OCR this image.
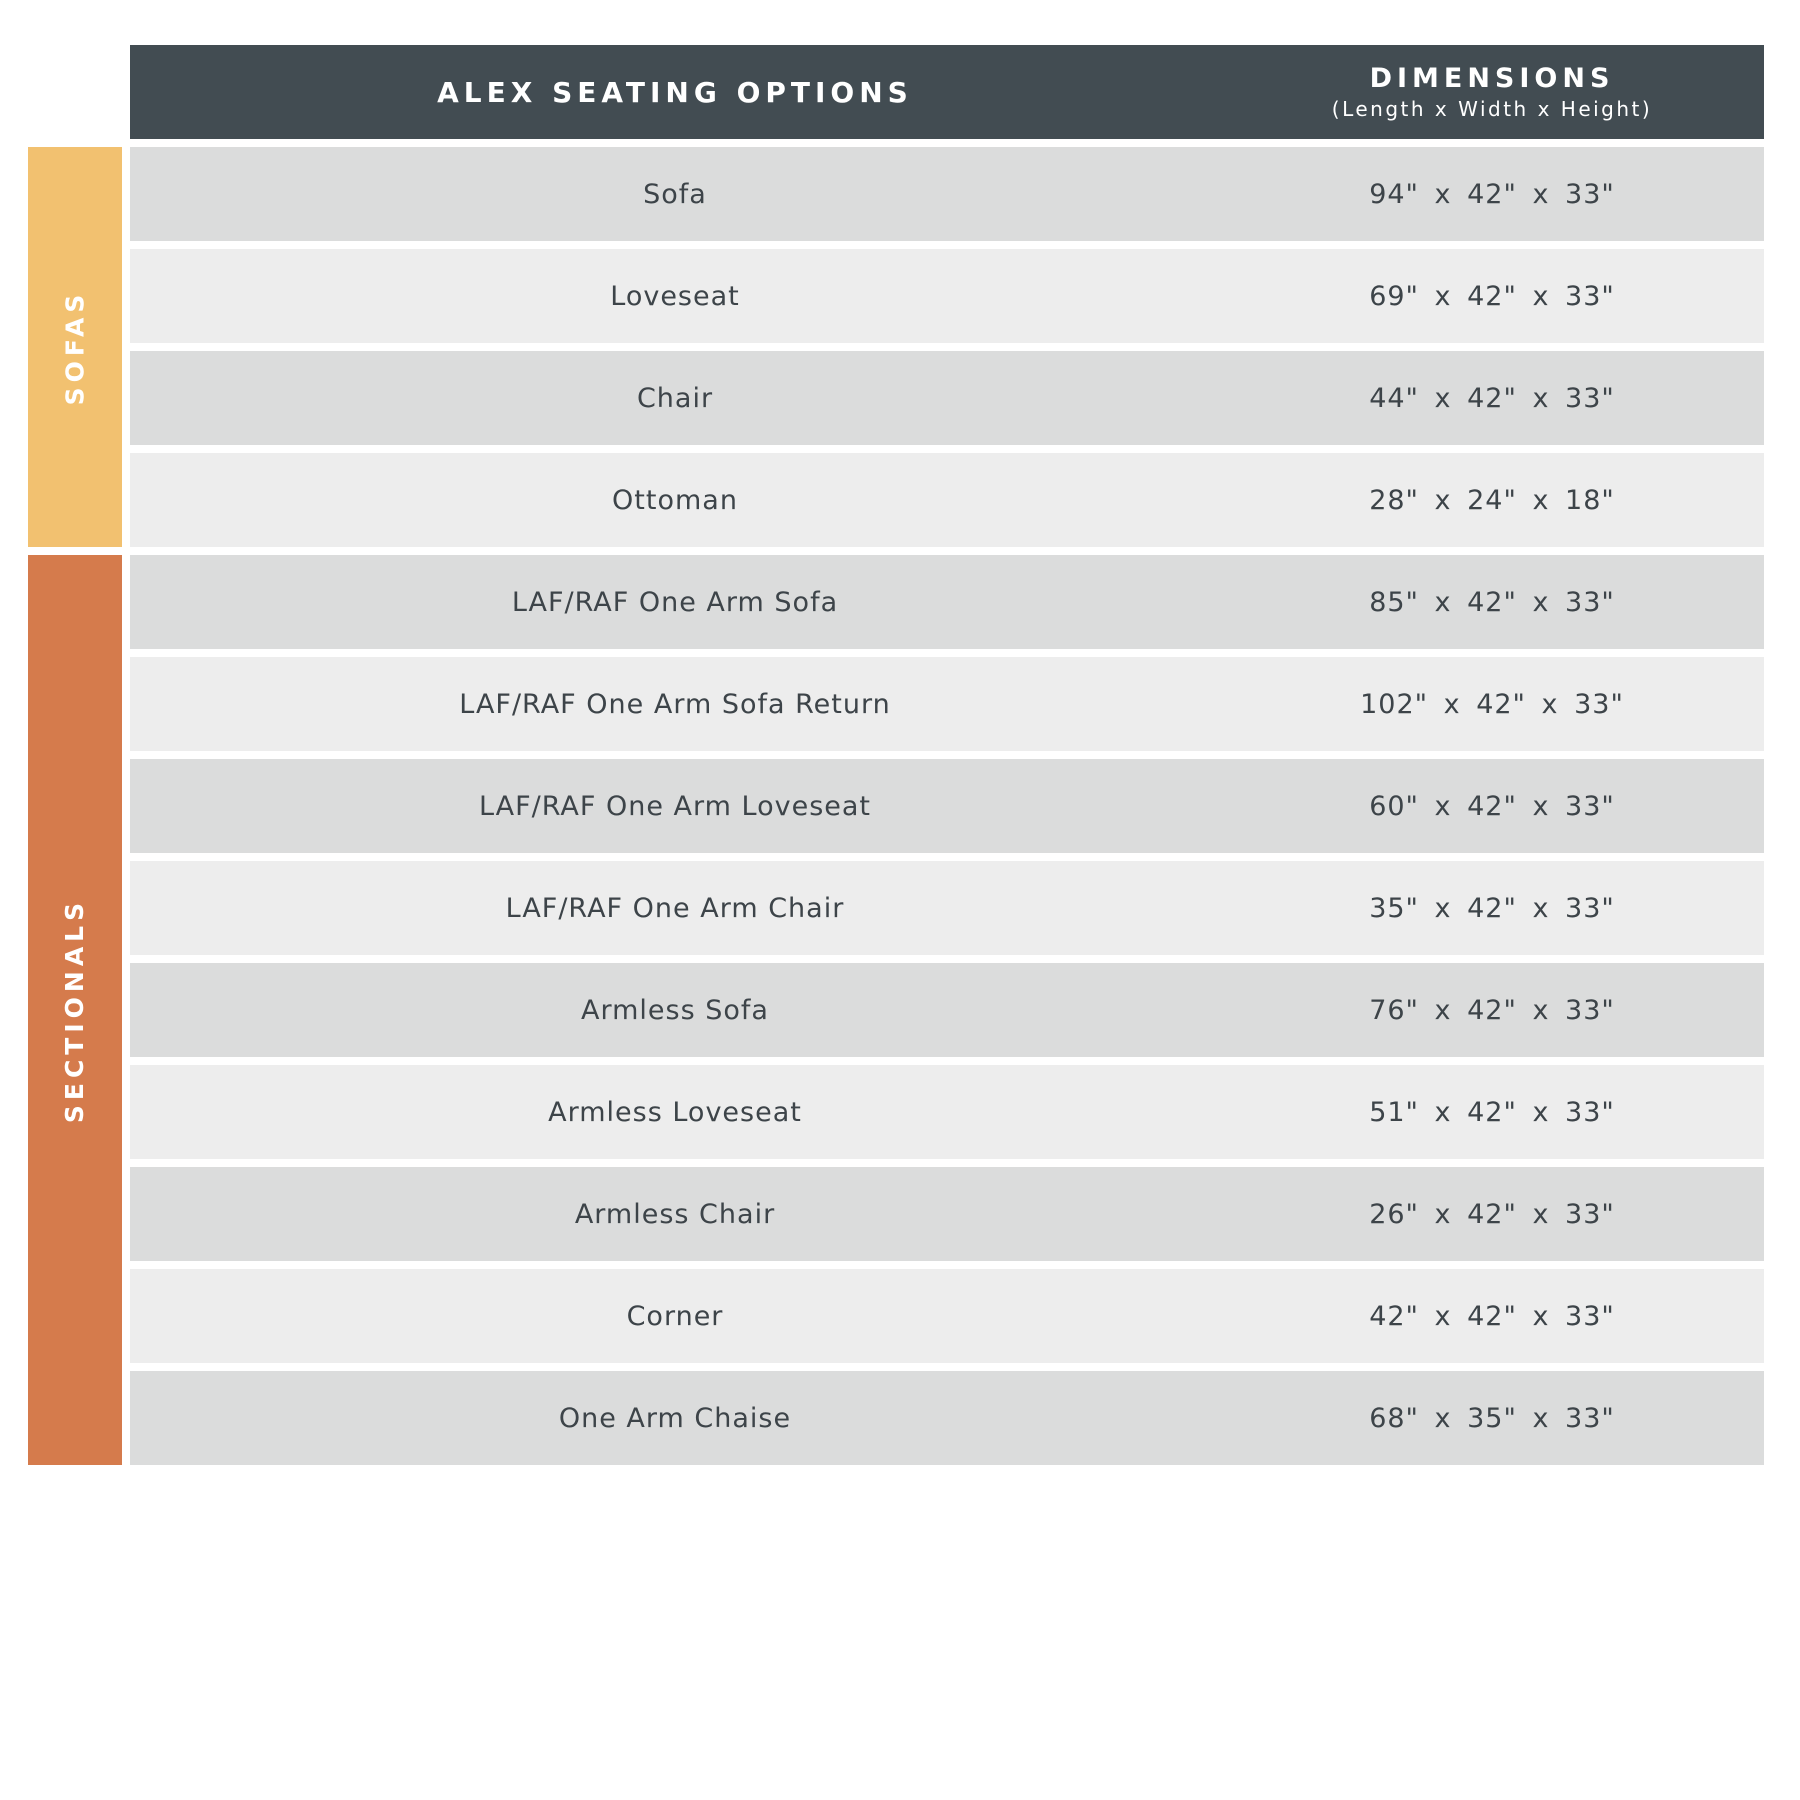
ALEX SEATING OPTIONS	DIMENSIONS
(Length x Width x Height)
SOFAS
Sofa	94" x 42" x 33"
Loveseat	69" x 42" x 33"
Chair	44" x 42" x 33"
Ottoman	28" x 24" x 18"
SECTIONALS
LAF/RAF One Arm Sofa	85" x 42" x 33"
LAF/RAF One Arm Sofa Return	102" x 42" x 33"
LAF/RAF One Arm Loveseat	60" x 42" x 33"
LAF/RAF One Arm Chair	35" x 42" x 33"
Armless Sofa	76" x 42" x 33"
Armless Loveseat	51" x 42" x 33"
Armless Chair	26" x 42" x 33"
Corner	42" x 42" x 33"
One Arm Chaise	68" x 35" x 33"
